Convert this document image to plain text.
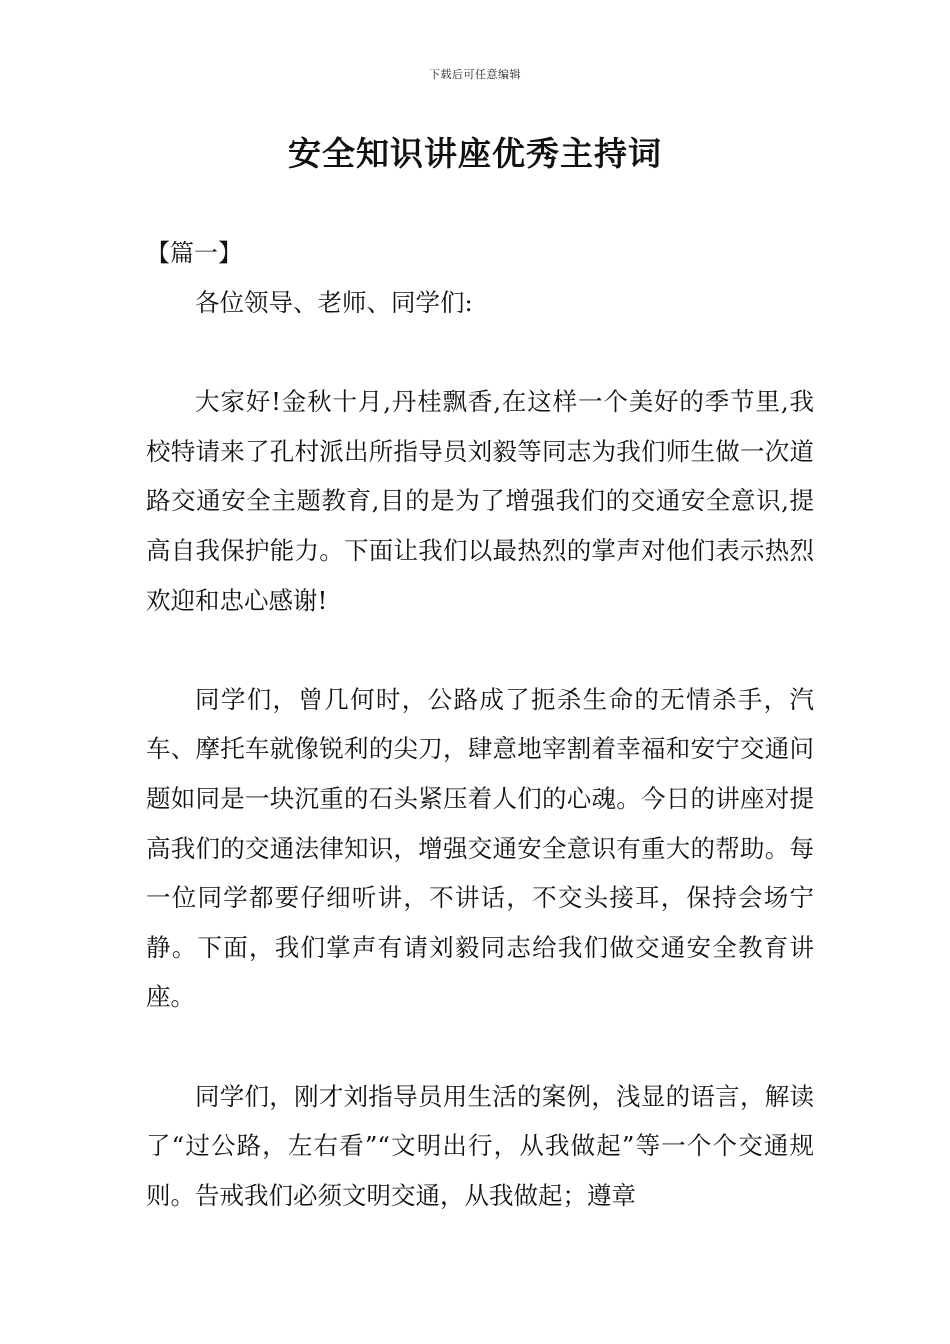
下载后可任意编辑
安全知识讲座优秀主持词
【篇一】

各位领导、老师、同学们:

大家好!金秋十月,丹桂飘香,在这样一个美好的季节里,我校特请来了孔村派出所指导员刘毅等同志为我们师生做一次道路交通安全主题教育,目的是为了增强我们的交通安全意识,提高自我保护能力。下面让我们以最热烈的掌声对他们表示热烈欢迎和忠心感谢!

同学们，曾几何时，公路成了扼杀生命的无情杀手，汽车、摩托车就像锐利的尖刀，肆意地宰割着幸福和安宁交通问题如同是一块沉重的石头紧压着人们的心魂。今日的讲座对提高我们的交通法律知识，增强交通安全意识有重大的帮助。每一位同学都要仔细听讲，不讲话，不交头接耳，保持会场宁静。下面，我们掌声有请刘毅同志给我们做交通安全教育讲座。

同学们，刚才刘指导员用生活的案例，浅显的语言，解读了“过公路，左右看”“文明出行，从我做起”等一个个交通规则。告戒我们必须文明交通，从我做起；遵章
